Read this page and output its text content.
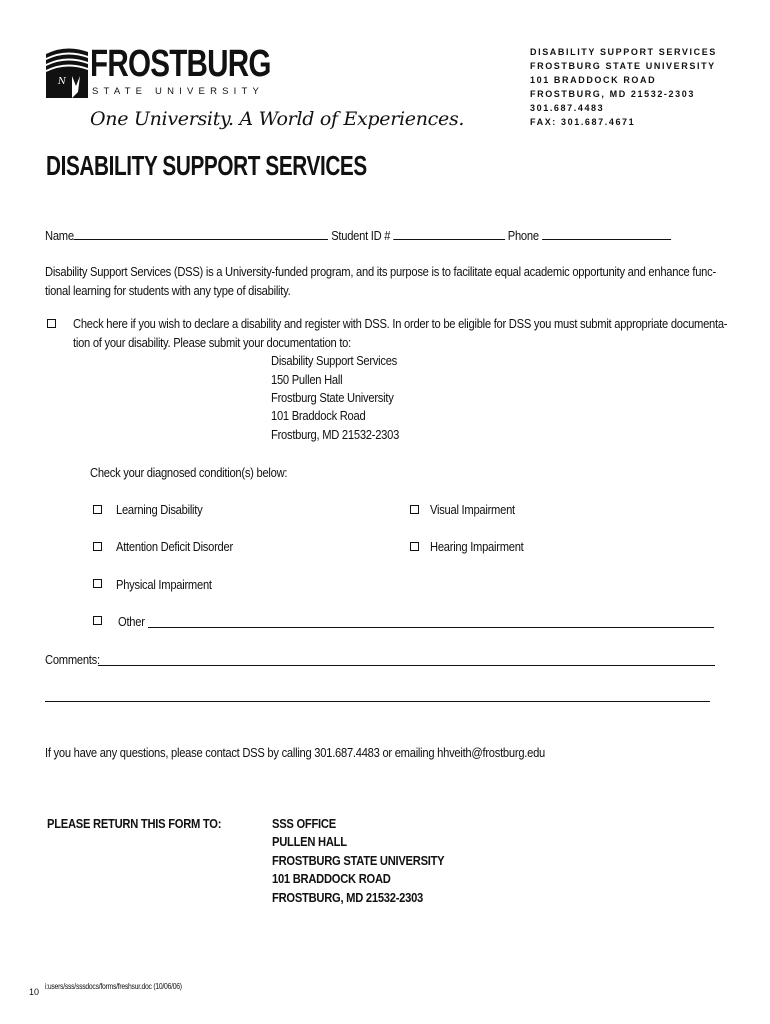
N FROSTBURG
STATE UNIVERSITY
One University. A World of Experiences.
DISABILITY SUPPORT SERVICES
FROSTBURG STATE UNIVERSITY
101 BRADDOCK ROAD
FROSTBURG, MD 21532-2303
301.687.4483
FAX: 301.687.4671
DISABILITY SUPPORT SERVICES
Name	Student ID #	Phone
Disability Support Services (DSS) is a University-funded program, and its purpose is to facilitate equal academic opportunity and enhance func-
tional learning for students with any type of disability.
Check here if you wish to declare a disability and register with DSS. In order to be eligible for DSS you must submit appropriate documenta-
tion of your disability. Please submit your documentation to:
Disability Support Services
150 Pullen Hall
Frostburg State University
101 Braddock Road
Frostburg, MD 21532-2303
Check your diagnosed condition(s) below:
Learning Disability	Visual Impairment
Attention Deficit Disorder	Hearing Impairment
Physical Impairment
Other
Comments:
If you have any questions, please contact DSS by calling 301.687.4483 or emailing hhveith@frostburg.edu
PLEASE RETURN THIS FORM TO:	SSS OFFICE
PULLEN HALL
FROSTBURG STATE UNIVERSITY
101 BRADDOCK ROAD
FROSTBURG, MD 21532-2303
10
i:users/sss/sssdocs/forms/freshsur.doc (10/06/06)
